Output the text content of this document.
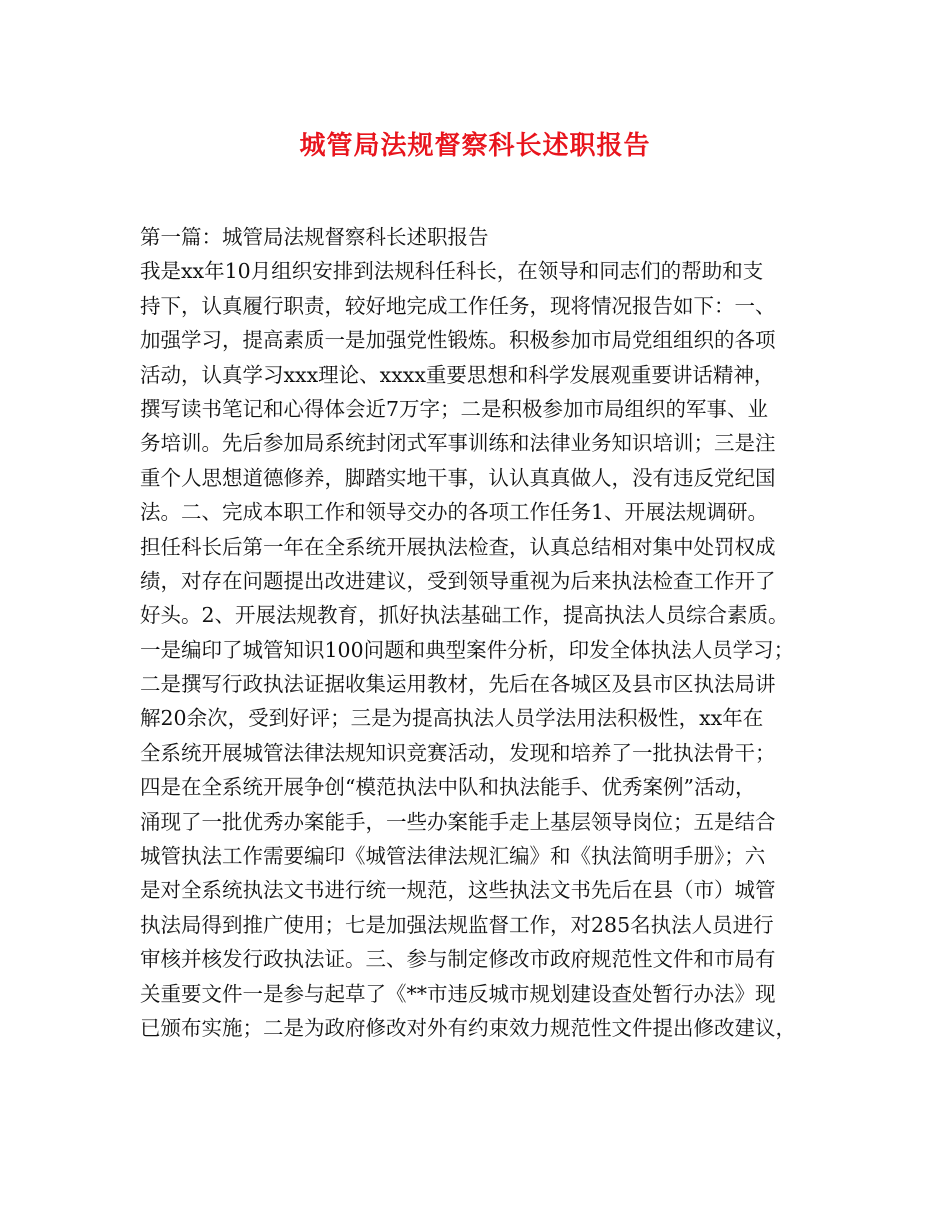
城管局法规督察科长述职报告
第一篇：城管局法规督察科长述职报告
我是xx年10月组织安排到法规科任科长，在领导和同志们的帮助和支
持下，认真履行职责，较好地完成工作任务，现将情况报告如下：一、
加强学习，提高素质一是加强党性锻炼。积极参加市局党组组织的各项
活动，认真学习xxx理论、xxxx重要思想和科学发展观重要讲话精神，
撰写读书笔记和心得体会近7万字；二是积极参加市局组织的军事、业
务培训。先后参加局系统封闭式军事训练和法律业务知识培训；三是注
重个人思想道德修养，脚踏实地干事，认认真真做人，没有违反党纪国
法。二、完成本职工作和领导交办的各项工作任务1、开展法规调研。
担任科长后第一年在全系统开展执法检查，认真总结相对集中处罚权成
绩，对存在问题提出改进建议，受到领导重视为后来执法检查工作开了
好头。2、开展法规教育，抓好执法基础工作，提高执法人员综合素质。
一是编印了城管知识100问题和典型案件分析，印发全体执法人员学习；
二是撰写行政执法证据收集运用教材，先后在各城区及县市区执法局讲
解20余次，受到好评；三是为提高执法人员学法用法积极性，xx年在
全系统开展城管法律法规知识竞赛活动，发现和培养了一批执法骨干；
四是在全系统开展争创“模范执法中队和执法能手、优秀案例”活动，
涌现了一批优秀办案能手，一些办案能手走上基层领导岗位；五是结合
城管执法工作需要编印《城管法律法规汇编》和《执法简明手册》；六
是对全系统执法文书进行统一规范，这些执法文书先后在县（市）城管
执法局得到推广使用；七是加强法规监督工作，对285名执法人员进行
审核并核发行政执法证。三、参与制定修改市政府规范性文件和市局有
关重要文件一是参与起草了《**市违反城市规划建设查处暂行办法》现
已颁布实施；二是为政府修改对外有约束效力规范性文件提出修改建议，
